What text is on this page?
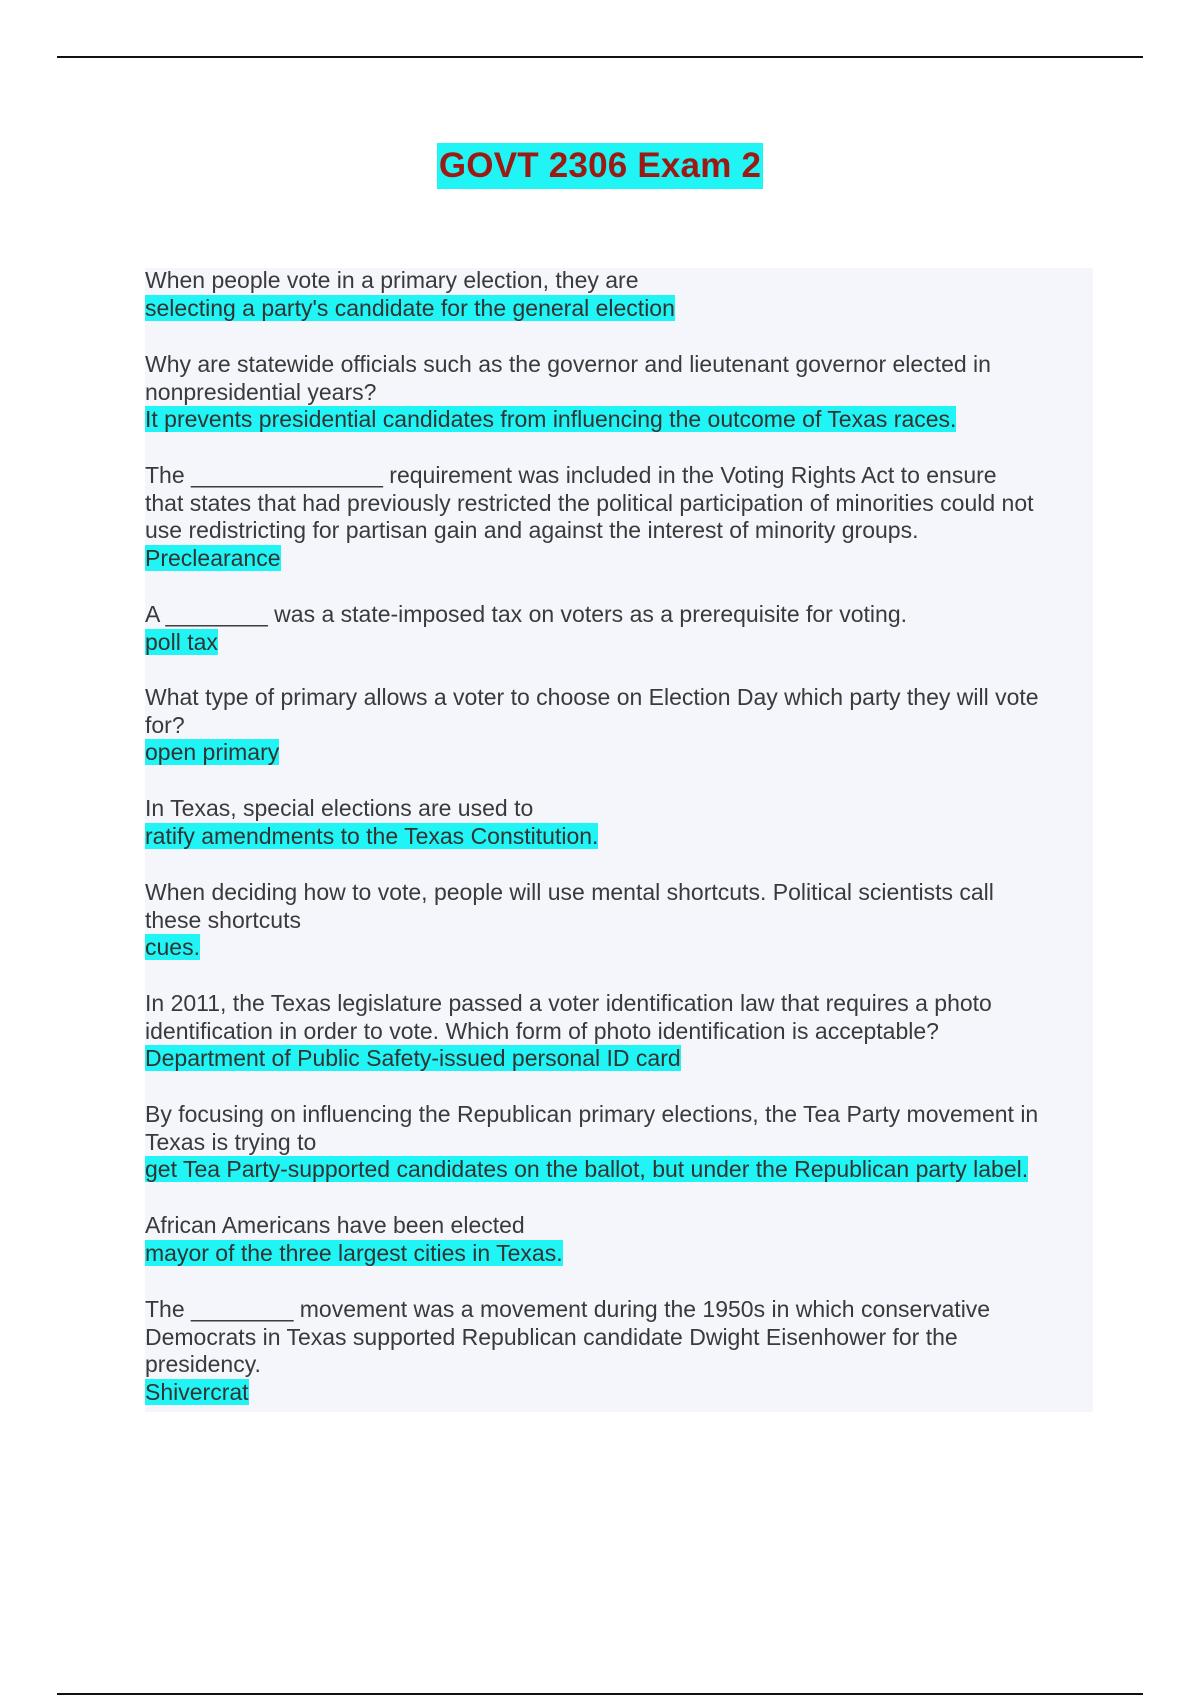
GOVT 2306 Exam 2
When people vote in a primary election, they are
selecting a party's candidate for the general election
Why are statewide officials such as the governor and lieutenant governor elected in
nonpresidential years?
It prevents presidential candidates from influencing the outcome of Texas races.
The _______________ requirement was included in the Voting Rights Act to ensure
that states that had previously restricted the political participation of minorities could not
use redistricting for partisan gain and against the interest of minority groups.
Preclearance
A ________ was a state-imposed tax on voters as a prerequisite for voting.
poll tax
What type of primary allows a voter to choose on Election Day which party they will vote
for?
open primary
In Texas, special elections are used to
ratify amendments to the Texas Constitution.
When deciding how to vote, people will use mental shortcuts. Political scientists call
these shortcuts
cues.
In 2011, the Texas legislature passed a voter identification law that requires a photo
identification in order to vote. Which form of photo identification is acceptable?
Department of Public Safety-issued personal ID card
By focusing on influencing the Republican primary elections, the Tea Party movement in
Texas is trying to
get Tea Party-supported candidates on the ballot, but under the Republican party label.
African Americans have been elected
mayor of the three largest cities in Texas.
The ________ movement was a movement during the 1950s in which conservative
Democrats in Texas supported Republican candidate Dwight Eisenhower for the
presidency.
Shivercrat
